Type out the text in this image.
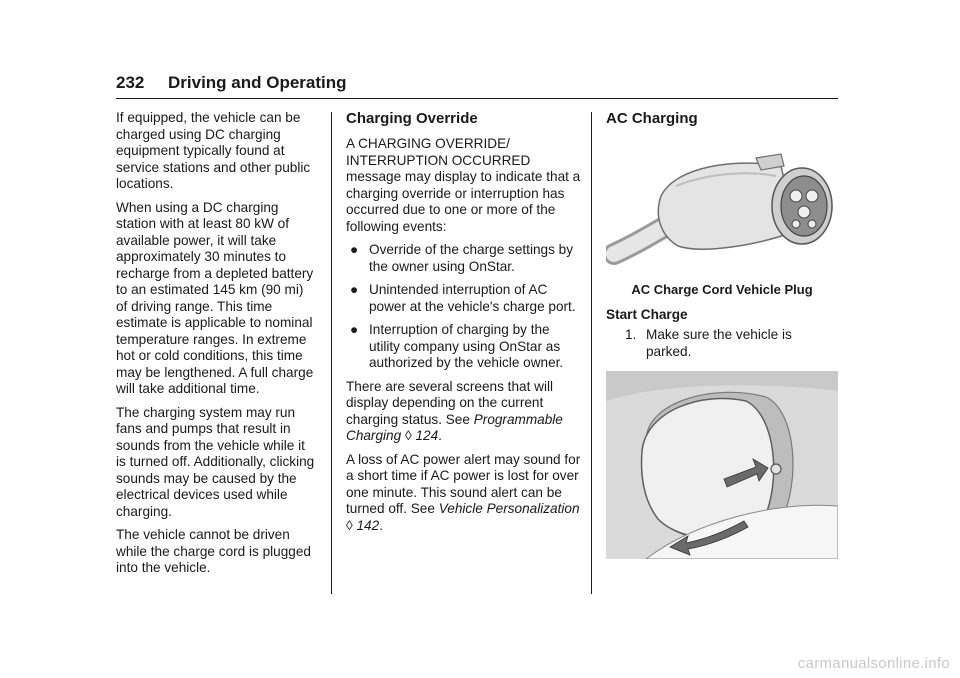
232 Driving and Operating

If equipped, the vehicle can be charged using DC charging equipment typically found at service stations and other public locations.

When using a DC charging station with at least 80 kW of available power, it will take approximately 30 minutes to recharge from a depleted battery to an estimated 145 km (90 mi) of driving range. This time estimate is applicable to nominal temperature ranges. In extreme hot or cold conditions, this time may be lengthened. A full charge will take additional time.

The charging system may run fans and pumps that result in sounds from the vehicle while it is turned off. Additionally, clicking sounds may be caused by the electrical devices used while charging.

The vehicle cannot be driven while the charge cord is plugged into the vehicle.

Charging Override

A CHARGING OVERRIDE/ INTERRUPTION OCCURRED message may display to indicate that a charging override or interruption has occurred due to one or more of the following events:

● Override of the charge settings by the owner using OnStar.
● Unintended interruption of AC power at the vehicle's charge port.
● Interruption of charging by the utility company using OnStar as authorized by the vehicle owner.

There are several screens that will display depending on the current charging status. See Programmable Charging ◊ 124.

A loss of AC power alert may sound for a short time if AC power is lost for over one minute. This sound alert can be turned off. See Vehicle Personalization ◊ 142.

AC Charging
AC Charge Cord Vehicle Plug
Start Charge
1. Make sure the vehicle is parked.
carmanualsonline.info
